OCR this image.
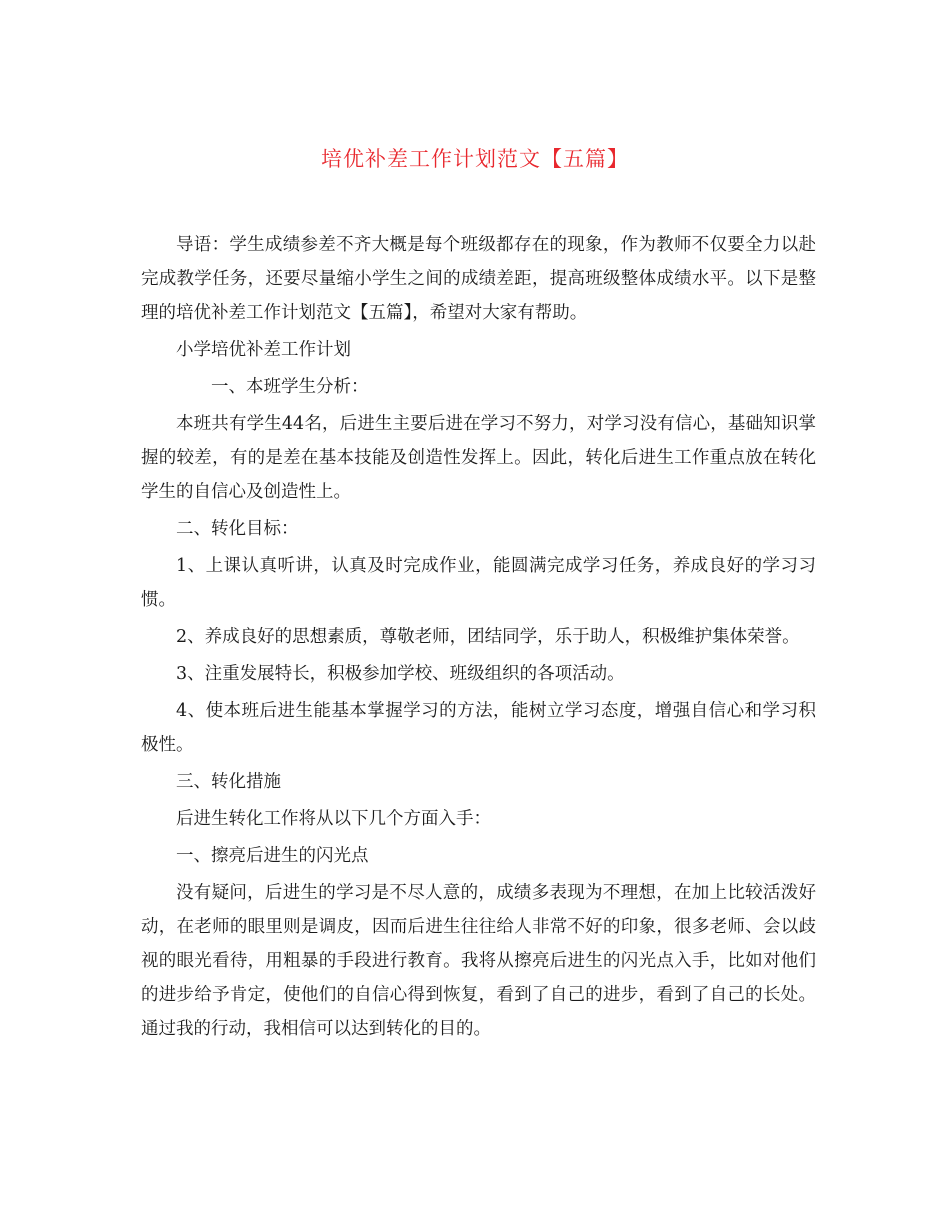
培优补差工作计划范文【五篇】

导语：学生成绩参差不齐大概是每个班级都存在的现象，作为教师不仅要全力以赴完成教学任务，还要尽量缩小学生之间的成绩差距，提高班级整体成绩水平。以下是整理的培优补差工作计划范文【五篇】，希望对大家有帮助。

小学培优补差工作计划

一、本班学生分析：

本班共有学生44名，后进生主要后进在学习不努力，对学习没有信心，基础知识掌握的较差，有的是差在基本技能及创造性发挥上。因此，转化后进生工作重点放在转化学生的自信心及创造性上。

二、转化目标：

1、上课认真听讲，认真及时完成作业，能圆满完成学习任务，养成良好的学习习惯。

2、养成良好的思想素质，尊敬老师，团结同学，乐于助人，积极维护集体荣誉。

3、注重发展特长，积极参加学校、班级组织的各项活动。

4、使本班后进生能基本掌握学习的方法，能树立学习态度，增强自信心和学习积极性。

三、转化措施

后进生转化工作将从以下几个方面入手：

一、擦亮后进生的闪光点

没有疑问，后进生的学习是不尽人意的，成绩多表现为不理想，在加上比较活泼好动，在老师的眼里则是调皮，因而后进生往往给人非常不好的印象，很多老师、会以歧视的眼光看待，用粗暴的手段进行教育。我将从擦亮后进生的闪光点入手，比如对他们的进步给予肯定，使他们的自信心得到恢复，看到了自己的进步，看到了自己的长处。通过我的行动，我相信可以达到转化的目的。
